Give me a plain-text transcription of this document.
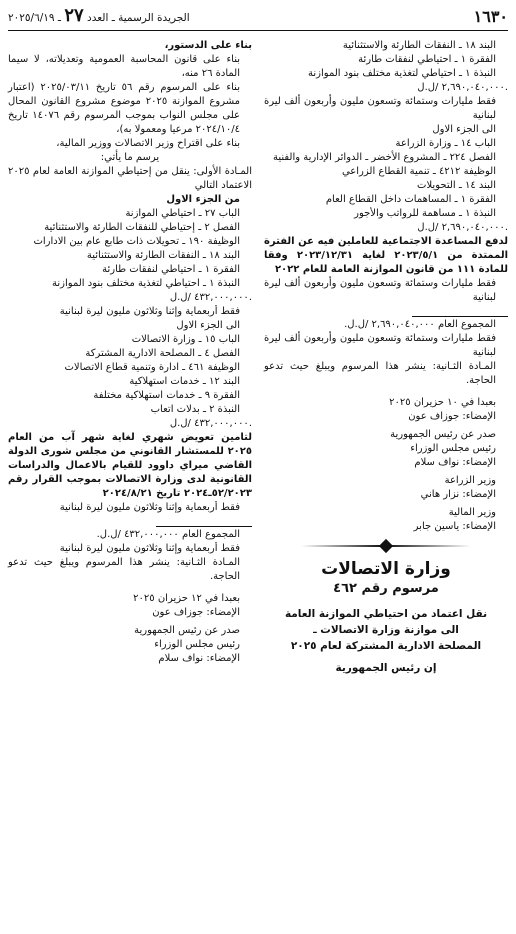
١٦٣٠
الجريدة الرسمية ـ العدد ٢٧ ـ ٢٠٢٥/٦/١٩
البند ١٨ ـ النفقات الطارئة والاستثنائية
الفقرة ١ ـ احتياطي لنفقات طارئة
النبذة ١ ـ احتياطي لتغذية مختلف بنود الموازنة
٢,٦٩٠,٠٤٠,٠٠٠ /ل.ل.
فقط مليارات وستمائة وتسعون مليون وأربعون ألف ليرة لبنانية
الى الجزء الاول
الباب ١٤ ـ وزارة الزراعة
الفصل ٢٢٤ ـ المشروع الأخضر ـ الدوائر الإدارية والفنية
الوظيفة ٤٢١٢ ـ تنمية القطاع الزراعي
البند ١٤ ـ التحويلات
الفقرة ١ ـ المساهمات داخل القطاع العام
النبذة ١ ـ مساهمة للرواتب والأجور
٢,٦٩٠,٠٤٠,٠٠٠ /ل.ل.
لدفع المساعدة الاجتماعية للعاملين فيه عن الفترة الممتدة من ٢٠٢٣/٥/١ لغاية ٢٠٢٣/١٢/٣١ وفقا للمادة ١١١ من قانون الموازنة العامة للعام ٢٠٢٢
فقط مليارات وستمائة وتسعون مليون وأربعون ألف ليرة لبنانية
المجموع العام ٢,٦٩٠,٠٤٠,٠٠٠ /ل.ل.
فقط مليارات وستمائة وتسعون مليون وأربعون ألف ليرة لبنانية
المـادة الثـانية: ينشر هذا المرسوم ويبلغ حيث تدعو الحاجة.
بعبدا في ١٠ حزيران ٢٠٢٥
الإمضاء: جوزاف عون
صدر عن رئيس الجمهورية
رئيس مجلس الوزراء
الإمضاء: نواف سلام
وزير الزراعة
الإمضاء: نزار هاني
وزير المالية
الإمضاء: ياسين جابر
وزارة الاتصالات
مرسوم رقم ٤٦٢
نقل اعتماد من احتياطي الموازنة العامة
الى موازنة وزارة الاتصالات ـ
المصلحة الادارية المشتركة لعام ٢٠٢٥
إن رئيس الجمهورية
بناء على الدستور،
بناء على قانون المحاسبة العمومية وتعديلاته، لا سيما المادة ٢٦ منه،
بناء على المرسوم رقم ٥٦ تاريخ ٢٠٢٥/٠٣/١١ (اعتبار مشروع الموازنة ٢٠٢٥ موضوع مشروع القانون المحال على مجلس النواب بموجب المرسوم رقم ١٤٠٧٦ تاريخ ٢٠٢٤/١٠/٤ مرعيا ومعمولا به)،
بناء على اقتراح وزير الاتصالات ووزير المالية،
يرسم ما يأتي:
المـادة الأولى: ينقل من إحتياطي الموازنة العامة لعام ٢٠٢٥ الاعتماد التالي
من الجزء الاول
الباب ٢٧ ـ احتياطي الموازنة
الفصل ٢ ـ إحتياطي للنفقات الطارئة والاستثنائية
الوظيفة ١٩٠ ـ تحويلات ذات طابع عام بين الادارات
البند ١٨ ـ النفقات الطارئة والاستثنائية
الفقرة ١ ـ احتياطي لنفقات طارئة
النبذة ١ ـ احتياطي لتغذية مختلف بنود الموازنة
٤٣٢,٠٠٠,٠٠٠ /ل.ل.
فقط أربعماية وإثنا وثلاثون مليون ليرة لبنانية
الى الجزء الاول
الباب ١٥ ـ وزارة الاتصالات
الفصل ٤ ـ المصلحة الادارية المشتركة
الوظيفة ٤٦١ ـ ادارة وتنمية قطاع الاتصالات
البند ١٢ ـ خدمات استهلاكية
الفقرة ٩ ـ خدمات استهلاكية مختلفة
النبذة ٢ ـ بدلات اتعاب
٤٣٢,٠٠٠,٠٠٠ /ل.ل.
لتامين تعويض شهري لغاية شهر آب من العام ٢٠٢٥ للمستشار القانوني من مجلس شورى الدولة القاضي ميراي داوود للقيام بالاعمال والدراسات القانونية لدى وزارة الاتصالات بموجب القرار رقم ٥٢/٢٠٢٣ـ٢٠٢٤ تاريخ ٢٠٢٤/٨/٢١
فقط أربعماية وإثنا وثلاثون مليون ليرة لبنانية
المجموع العام ٤٣٢,٠٠٠,٠٠٠ /ل.ل.
فقط أربعماية وإثنا وثلاثون مليون ليرة لبنانية
المـادة الثـانية: ينشر هذا المرسوم ويبلغ حيث تدعو الحاجة.
بعبدا في ١٢ حزيران ٢٠٢٥
الإمضاء: جوزاف عون
صدر عن رئيس الجمهورية
رئيس مجلس الوزراء
الإمضاء: نواف سلام
